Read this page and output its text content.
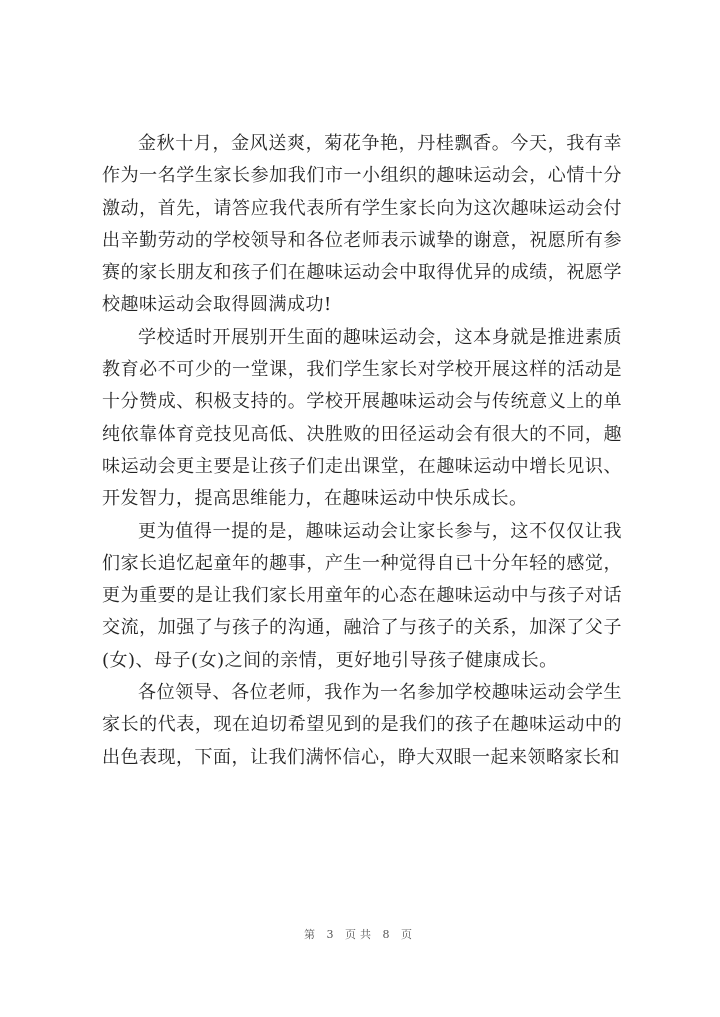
金秋十月，金风送爽，菊花争艳，丹桂飘香。今天，我有幸作为一名学生家长参加我们市一小组织的趣味运动会，心情十分激动，首先，请答应我代表所有学生家长向为这次趣味运动会付出辛勤劳动的学校领导和各位老师表示诚挚的谢意，祝愿所有参赛的家长朋友和孩子们在趣味运动会中取得优异的成绩，祝愿学校趣味运动会取得圆满成功!

学校适时开展别开生面的趣味运动会，这本身就是推进素质教育必不可少的一堂课，我们学生家长对学校开展这样的活动是十分赞成、积极支持的。学校开展趣味运动会与传统意义上的单纯依靠体育竞技见高低、决胜败的田径运动会有很大的不同，趣味运动会更主要是让孩子们走出课堂，在趣味运动中增长见识、开发智力，提高思维能力，在趣味运动中快乐成长。

更为值得一提的是，趣味运动会让家长参与，这不仅仅让我们家长追忆起童年的趣事，产生一种觉得自已十分年轻的感觉，更为重要的是让我们家长用童年的心态在趣味运动中与孩子对话交流，加强了与孩子的沟通，融洽了与孩子的关系，加深了父子(女)、母子(女)之间的亲情，更好地引导孩子健康成长。

各位领导、各位老师，我作为一名参加学校趣味运动会学生家长的代表，现在迫切希望见到的是我们的孩子在趣味运动中的出色表现，下面，让我们满怀信心，睁大双眼一起来领略家长和

第 3 页共 8 页
